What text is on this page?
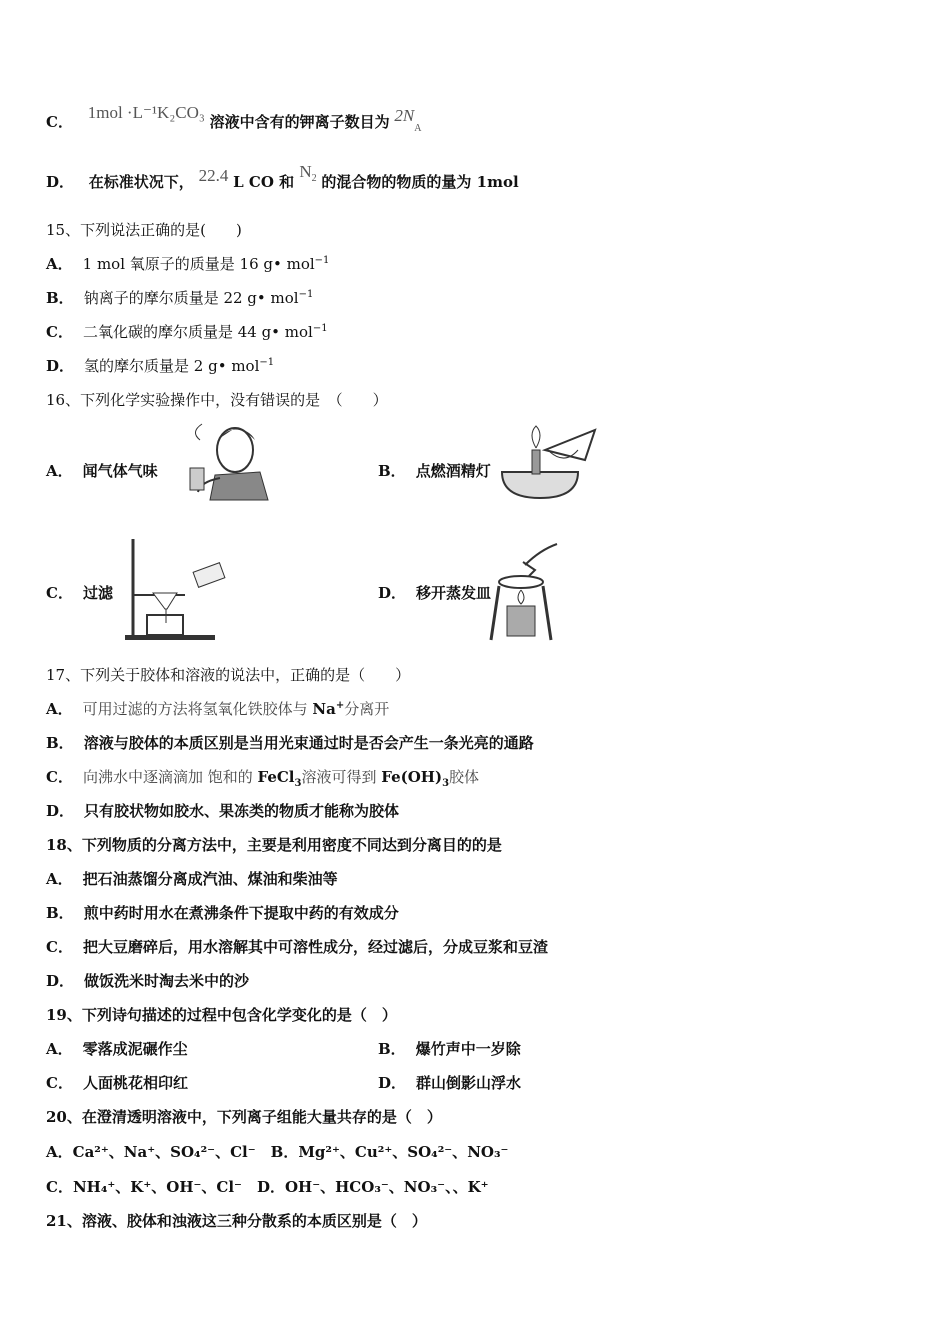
C． 1mol ·L⁻¹K₂CO₃ 溶液中含有的钾离子数目为 $2N_A$
D． 在标准状况下， 22.4 L CO 和 $N_2$ 的混合物的物质的量为 1mol
15、下列说法正确的是(　　)
A． 1 mol 氧原子的质量是 16 g• mol$^{-1}$
B． 钠离子的摩尔质量是 22 g• mol$^{-1}$
C． 二氧化碳的摩尔质量是 44 g• mol$^{-1}$
D． 氢的摩尔质量是 2 g• mol$^{-1}$
16、下列化学实验操作中，没有错误的是　（　　）
A． 闻气体气味	B． 点燃酒精灯
C． 过滤	D． 移开蒸发皿
17、下列关于胶体和溶液的说法中，正确的是（　　）
A． 可用过滤的方法将氢氧化铁胶体与 Na+分离开
B． 溶液与胶体的本质区别是当用光束通过时是否会产生一条光亮的通路
C． 向沸水中逐滴滴加 饱和的 FeCl$_3$溶液可得到 $Fe(OH)_3$胶体
D． 只有胶状物如胶水、果冻类的物质才能称为胶体
18、下列物质的分离方法中，主要是利用密度不同达到分离目的的是
A． 把石油蒸馏分离成汽油、煤油和柴油等
B． 煎中药时用水在煮沸条件下提取中药的有效成分
C． 把大豆磨碎后，用水溶解其中可溶性成分，经过滤后，分成豆浆和豆渣
D． 做饭洗米时淘去米中的沙
19、下列诗句描述的过程中包含化学变化的是（　）
A． 零落成泥碾作尘	B． 爆竹声中一岁除
C． 人面桃花相印红	D． 群山倒影山浮水
20、在澄清透明溶液中，下列离子组能大量共存的是（　）
A．Ca²⁺、Na⁺、SO₄²⁻、Cl⁻　B．Mg²⁺、Cu²⁺、SO₄²⁻、NO₃⁻
C．NH₄⁺、K⁺、OH⁻、Cl⁻　D．OH⁻、HCO₃⁻、NO₃⁻、、K⁺
21、溶液、胶体和浊液这三种分散系的本质区别是（　）
